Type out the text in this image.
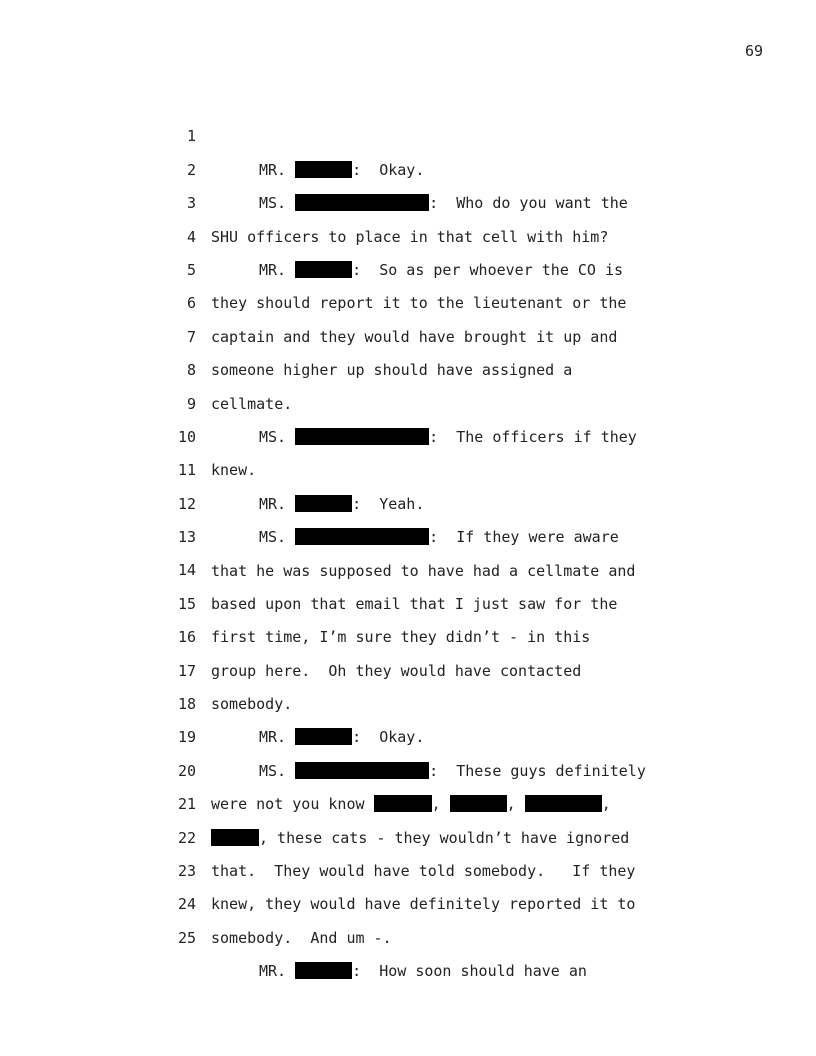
69

1

MR.	:  Okay.

2

MS.	:  Who do you want the

3

SHU officers to place in that cell with him?

4

MR.	:  So as per whoever the CO is

5

they should report it to the lieutenant or the

6

captain and they would have brought it up and

7

someone higher up should have assigned a

8

cellmate.

9

MS.	:  The officers if they

10

knew.

11

MR.	:  Yeah.

12

MS.	:  If they were aware

13

that he was supposed to have had a cellmate and

14

based upon that email that I just saw for the

15

first time, I’m sure they didn’t - in this

16

group here.  Oh they would have contacted

17

somebody.

18

MR.	:  Okay.

19

MS.	:  These guys definitely

20

were not you know	,	,	,

21

, these cats - they wouldn’t have ignored

22

that.  They would have told somebody.   If they

23

knew, they would have definitely reported it to

24

somebody.  And um -.

25

MR.	:  How soon should have an
